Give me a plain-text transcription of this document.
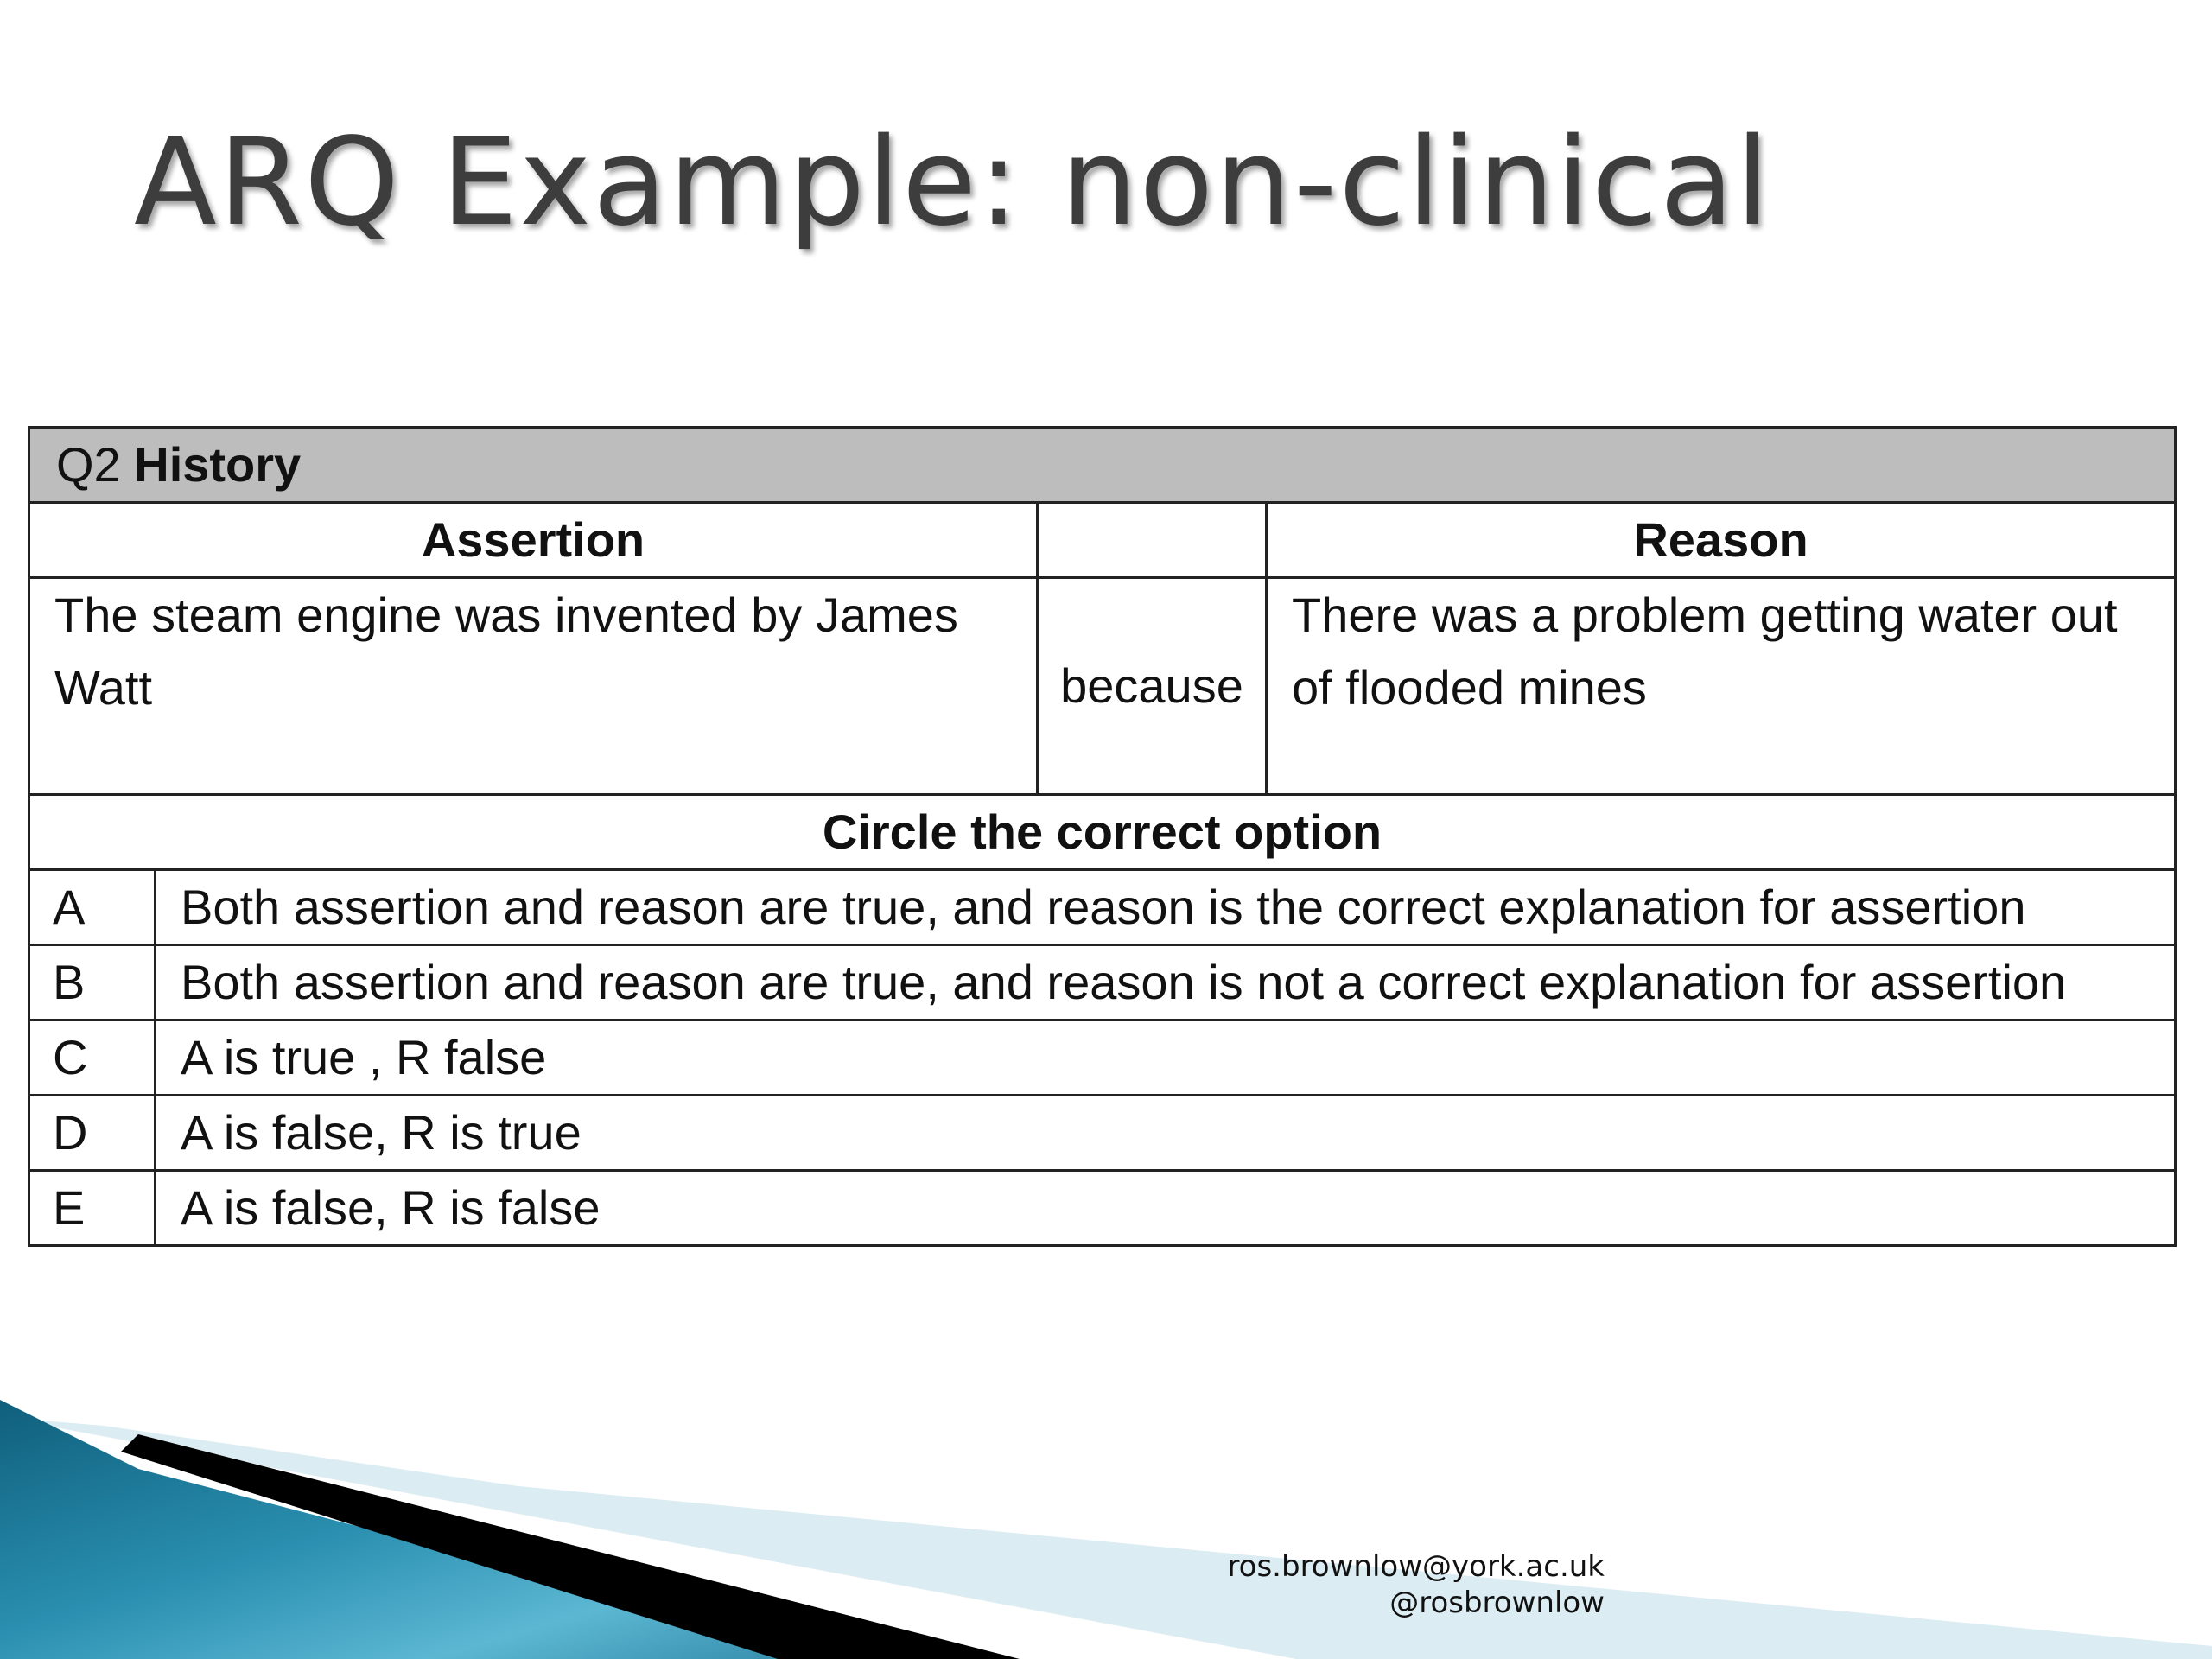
ARQ Example: non-clinical
Q2 History			
Assertion			Reason
The steam engine was invented by James Watt		because	There was a problem getting water out of flooded mines
Circle the correct option			
A	Both assertion and reason are true, and reason is the correct explanation for assertion		
B	Both assertion and reason are true, and reason is not a correct explanation for assertion		
C	A is true , R false		
D	A is false, R is true		
E	A is false, R is false		
ros.brownlow@york.ac.uk
@rosbrownlow
